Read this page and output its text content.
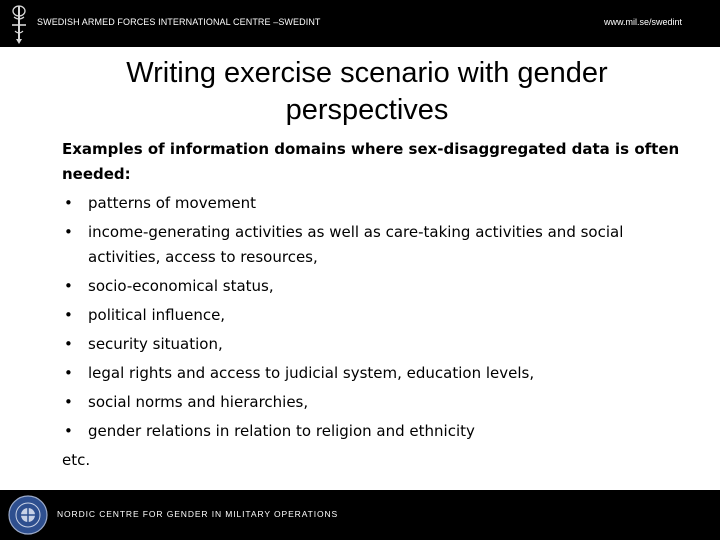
SWEDISH ARMED FORCES INTERNATIONAL CENTRE –SWEDINT	www.mil.se/swedint
Writing exercise scenario with gender perspectives
Examples of information domains where sex-disaggregated data is often needed:
• patterns of movement
• income-generating activities as well as care-taking activities and social activities, access to resources,
• socio-economical status,
• political influence,
• security situation,
• legal rights and access to judicial system, education levels,
• social norms and hierarchies,
• gender relations in relation to religion and ethnicity
etc.
NORDIC CENTRE FOR GENDER IN MILITARY OPERATIONS
